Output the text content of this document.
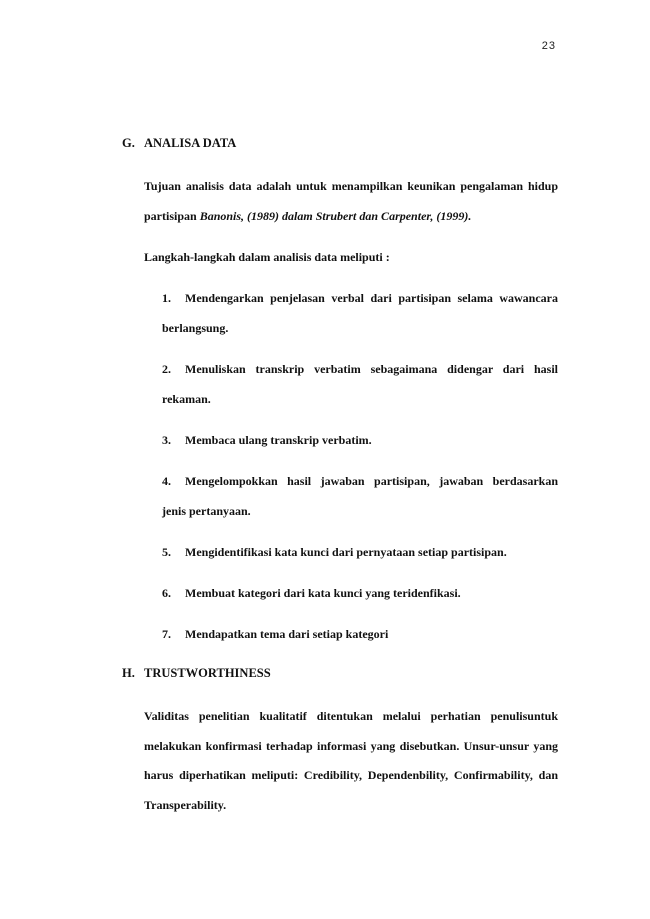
23
G. ANALISA DATA
Tujuan analisis data adalah untuk menampilkan keunikan pengalaman hidup
partisipan Banonis, (1989) dalam Strubert dan Carpenter, (1999).
Langkah-langkah dalam analisis data meliputi :
1. Mendengarkan penjelasan verbal dari partisipan selama wawancara
berlangsung.
2. Menuliskan transkrip verbatim sebagaimana didengar dari hasil
rekaman.
3. Membaca ulang transkrip verbatim.
4. Mengelompokkan hasil jawaban partisipan, jawaban berdasarkan
jenis pertanyaan.
5. Mengidentifikasi kata kunci dari pernyataan setiap partisipan.
6. Membuat kategori dari kata kunci yang teridenfikasi.
7. Mendapatkan tema dari setiap kategori
H. TRUSTWORTHINESS
Validitas penelitian kualitatif ditentukan melalui perhatian penulisuntuk
melakukan konfirmasi terhadap informasi yang disebutkan. Unsur-unsur yang
harus diperhatikan meliputi: Credibility, Dependenbility, Confirmability, dan
Transperability.
